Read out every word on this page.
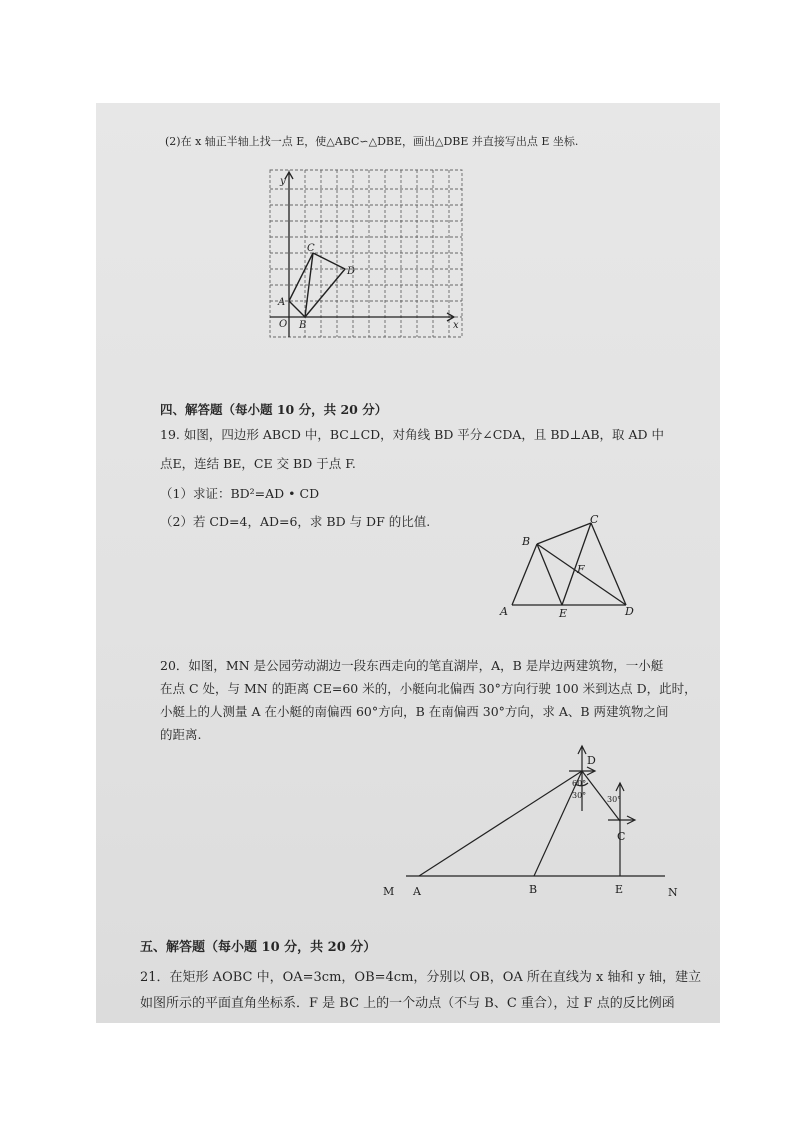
(2)在 x 轴正半轴上找一点 E，使△ABC∽△DBE，画出△DBE 并直接写出点 E 坐标.
y
x
O
A
B
C
D
四、解答题（每小题 10 分，共 20 分）
19. 如图，四边形 ABCD 中，BC⊥CD，对角线 BD 平分∠CDA，且 BD⊥AB，取 AD 中
点E，连结 BE，CE 交 BD 于点 F.
（1）求证：BD²=AD • CD
（2）若 CD=4，AD=6，求 BD 与 DF 的比值.
A
B
C
D
E
F
20．如图，MN 是公园劳动湖边一段东西走向的笔直湖岸，A，B 是岸边两建筑物，一小艇
在点 C 处，与 MN 的距离 CE=60 米的，小艇向北偏西 30°方向行驶 100 米到达点 D，此时，
小艇上的人测量 A 在小艇的南偏西 60°方向，B 在南偏西 30°方向，求 A、B 两建筑物之间
的距离.
M A	B	E	N
D
C
60°
30°	30°
五、解答题（每小题 10 分，共 20 分）
21．在矩形 AOBC 中，OA=3cm，OB=4cm，分别以 OB，OA 所在直线为 x 轴和 y 轴，建立
如图所示的平面直角坐标系．F 是 BC 上的一个动点（不与 B、C 重合），过 F 点的反比例函
